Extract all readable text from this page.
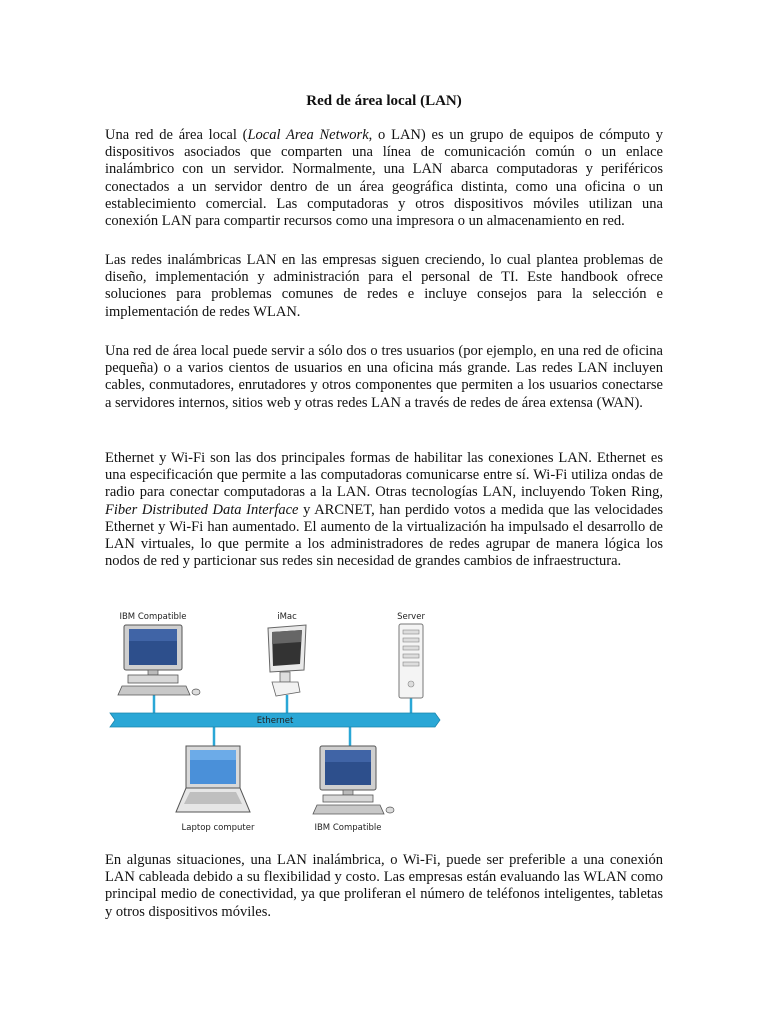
Red de área local (LAN)

Una red de área local (Local Area Network, o LAN) es un grupo de equipos de cómputo y dispositivos asociados que comparten una línea de comunicación común o un enlace inalámbrico con un servidor. Normalmente, una LAN abarca computadoras y periféricos conectados a un servidor dentro de un área geográfica distinta, como una oficina o un establecimiento comercial. Las computadoras y otros dispositivos móviles utilizan una conexión LAN para compartir recursos como una impresora o un almacenamiento en red.

Las redes inalámbricas LAN en las empresas siguen creciendo, lo cual plantea problemas de diseño, implementación y administración para el personal de TI. Este handbook ofrece soluciones para problemas comunes de redes e incluye consejos para la selección e implementación de redes WLAN.

Una red de área local puede servir a sólo dos o tres usuarios (por ejemplo, en una red de oficina pequeña) o a varios cientos de usuarios en una oficina más grande. Las redes LAN incluyen cables, conmutadores, enrutadores y otros componentes que permiten a los usuarios conectarse a servidores internos, sitios web y otras redes LAN a través de redes de área extensa (WAN).

Ethernet y Wi-Fi son las dos principales formas de habilitar las conexiones LAN. Ethernet es una especificación que permite a las computadoras comunicarse entre sí. Wi-Fi utiliza ondas de radio para conectar computadoras a la LAN. Otras tecnologías LAN, incluyendo Token Ring, Fiber Distributed Data Interface y ARCNET, han perdido votos a medida que las velocidades Ethernet y Wi-Fi han aumentado. El aumento de la virtualización ha impulsado el desarrollo de LAN virtuales, lo que permite a los administradores de redes agrupar de manera lógica los nodos de red y particionar sus redes sin necesidad de grandes cambios de infraestructura.

Ethernet
IBM Compatible	iMac	Server
Laptop computer	IBM Compatible

En algunas situaciones, una LAN inalámbrica, o Wi-Fi, puede ser preferible a una conexión LAN cableada debido a su flexibilidad y costo. Las empresas están evaluando las WLAN como principal medio de conectividad, ya que proliferan el número de teléfonos inteligentes, tabletas y otros dispositivos móviles.
